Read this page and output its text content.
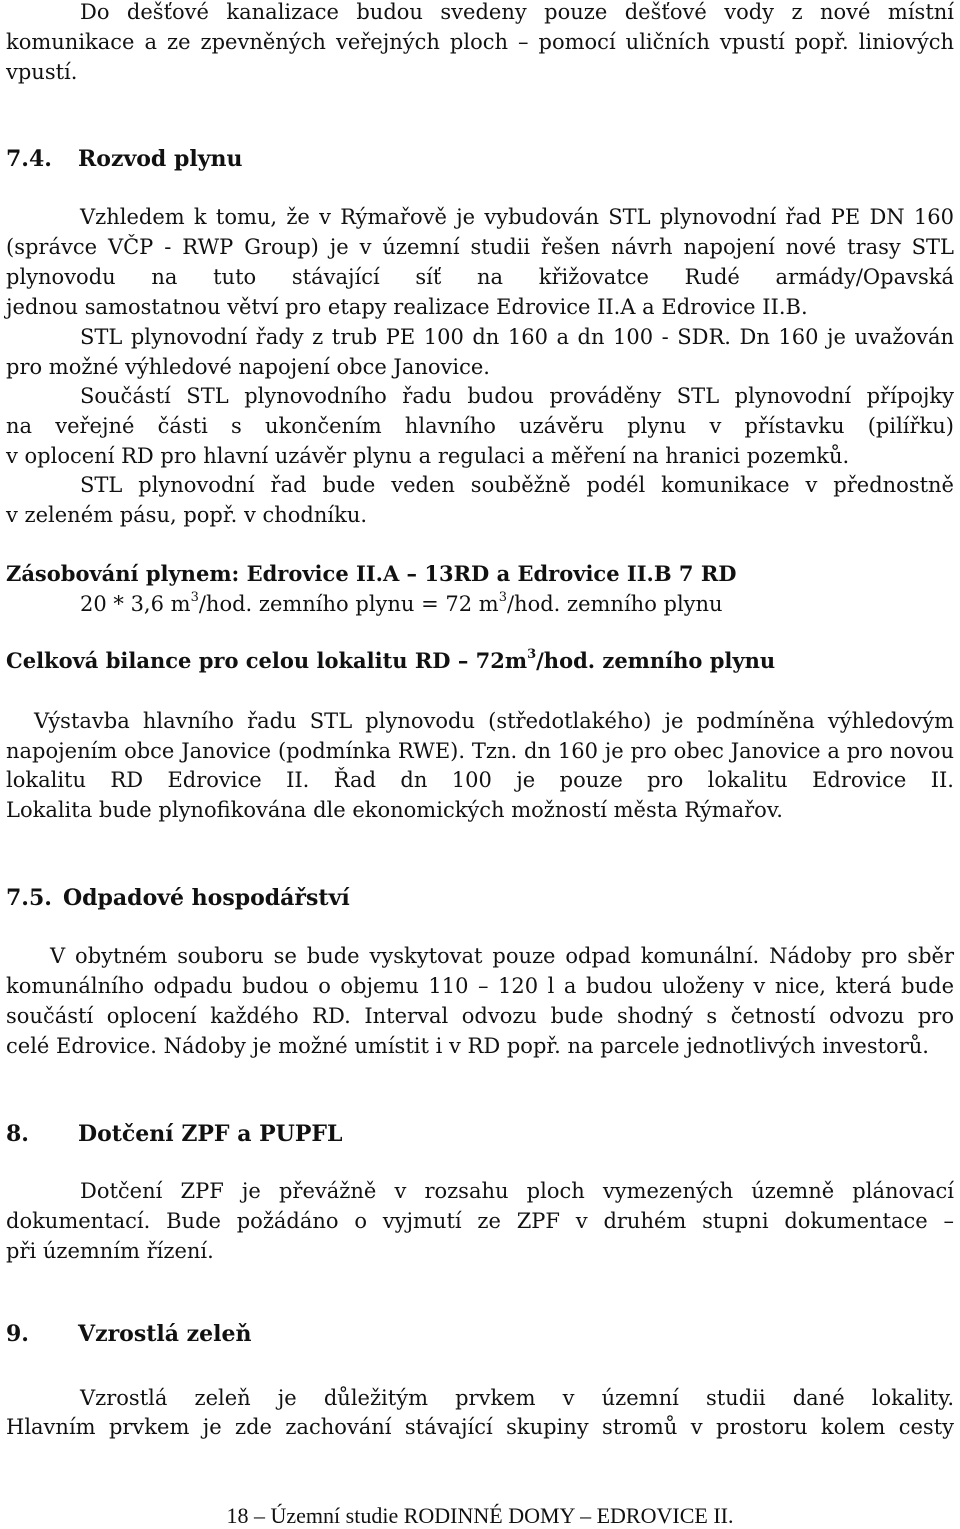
Do dešťové kanalizace budou svedeny pouze dešťové vody z nové místní
komunikace a ze zpevněných veřejných ploch – pomocí uličních vpustí popř. liniových
vpustí.
7.4. Rozvod plynu
Vzhledem k tomu, že v Rýmařově je vybudován STL plynovodní řad PE DN 160
(správce VČP - RWP Group) je v územní studii řešen návrh napojení nové trasy STL
plynovodu na tuto stávající síť na křižovatce Rudé armády/Opavská
jednou samostatnou větví pro etapy realizace Edrovice II.A a Edrovice II.B.
STL plynovodní řady z trub PE 100 dn 160 a dn 100 - SDR. Dn 160 je uvažován
pro možné výhledové napojení obce Janovice.
Součástí STL plynovodního řadu budou prováděny STL plynovodní přípojky
na veřejné části s ukončením hlavního uzávěru plynu v přístavku (pilířku)
v oplocení RD pro hlavní uzávěr plynu a regulaci a měření na hranici pozemků.
STL plynovodní řad bude veden souběžně podél komunikace v přednostně
v zeleném pásu, popř. v chodníku.
Zásobování plynem: Edrovice II.A – 13RD a Edrovice II.B 7 RD
20 * 3,6 $m^3$/hod. zemního plynu = 72 $m^3$/hod. zemního plynu
Celková bilance pro celou lokalitu RD – $72m^3$/hod. zemního plynu
Výstavba hlavního řadu STL plynovodu (středotlakého) je podmíněna výhledovým
napojením obce Janovice (podmínka RWE). Tzn. dn 160 je pro obec Janovice a pro novou
lokalitu RD Edrovice II. Řad dn 100 je pouze pro lokalitu Edrovice II.
Lokalita bude plynofikována dle ekonomických možností města Rýmařov.
7.5. Odpadové hospodářství
V obytném souboru se bude vyskytovat pouze odpad komunální. Nádoby pro sběr
komunálního odpadu budou o objemu 110 – 120 l a budou uloženy v nice, která bude
součástí oplocení každého RD. Interval odvozu bude shodný s četností odvozu pro
celé Edrovice. Nádoby je možné umístit i v RD popř. na parcele jednotlivých investorů.
8. Dotčení ZPF a PUPFL
Dotčení ZPF je převážně v rozsahu ploch vymezených územně plánovací
dokumentací. Bude požádáno o vyjmutí ze ZPF v druhém stupni dokumentace –
při územním řízení.
9. Vzrostlá zeleň
Vzrostlá zeleň je důležitým prvkem v územní studii dané lokality.
Hlavním prvkem je zde zachování stávající skupiny stromů v prostoru kolem cesty
18 – Územní studie RODINNÉ DOMY – EDROVICE II.
